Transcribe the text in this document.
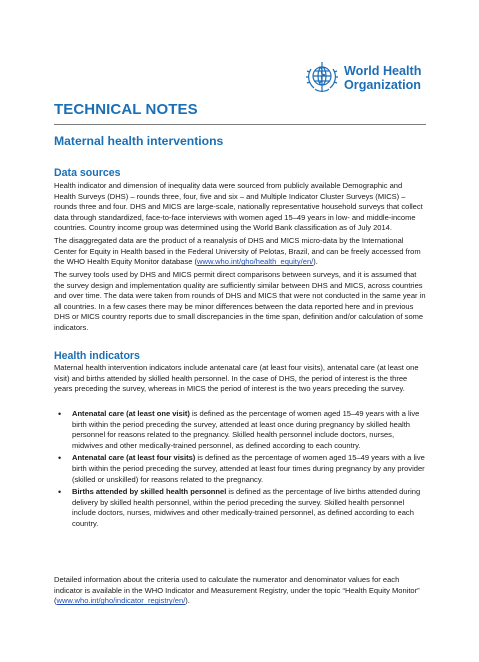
World Health
Organization
TECHNICAL NOTES
Maternal health interventions
Data sources
Health indicator and dimension of inequality data were sourced from publicly available Demographic and Health Surveys (DHS) – rounds three, four, five and six – and Multiple Indicator Cluster Surveys (MICS) – rounds three and four. DHS and MICS are large-scale, nationally representative household surveys that collect data through standardized, face-to-face interviews with women aged 15–49 years in low- and middle-income countries. Country income group was determined using the World Bank classification as of July 2014.
The disaggregated data are the product of a reanalysis of DHS and MICS micro-data by the International Center for Equity in Health based in the Federal University of Pelotas, Brazil, and can be freely accessed from the WHO Health Equity Monitor database (www.who.int/gho/health_equity/en/).
The survey tools used by DHS and MICS permit direct comparisons between surveys, and it is assumed that the survey design and implementation quality are sufficiently similar between DHS and MICS, across countries and over time. The data were taken from rounds of DHS and MICS that were not conducted in the same year in all countries. In a few cases there may be minor differences between the data reported here and in previous DHS or MICS country reports due to small discrepancies in the time span, definition and/or calculation of some indicators.
Health indicators
Maternal health intervention indicators include antenatal care (at least four visits), antenatal care (at least one visit) and births attended by skilled health personnel. In the case of DHS, the period of interest is the three years preceding the survey, whereas in MICS the period of interest is the two years preceding the survey.
• Antenatal care (at least one visit) is defined as the percentage of women aged 15–49 years with a live birth within the period preceding the survey, attended at least once during pregnancy by skilled health personnel for reasons related to the pregnancy. Skilled health personnel include doctors, nurses, midwives and other medically-trained personnel, as defined according to each country.
• Antenatal care (at least four visits) is defined as the percentage of women aged 15–49 years with a live birth within the period preceding the survey, attended at least four times during pregnancy by any provider (skilled or unskilled) for reasons related to the pregnancy.
• Births attended by skilled health personnel is defined as the percentage of live births attended during delivery by skilled health personnel, within the period preceding the survey. Skilled health personnel include doctors, nurses, midwives and other medically-trained personnel, as defined according to each country.
Detailed information about the criteria used to calculate the numerator and denominator values for each indicator is available in the WHO Indicator and Measurement Registry, under the topic “Health Equity Monitor” (www.who.int/gho/indicator_registry/en/).
